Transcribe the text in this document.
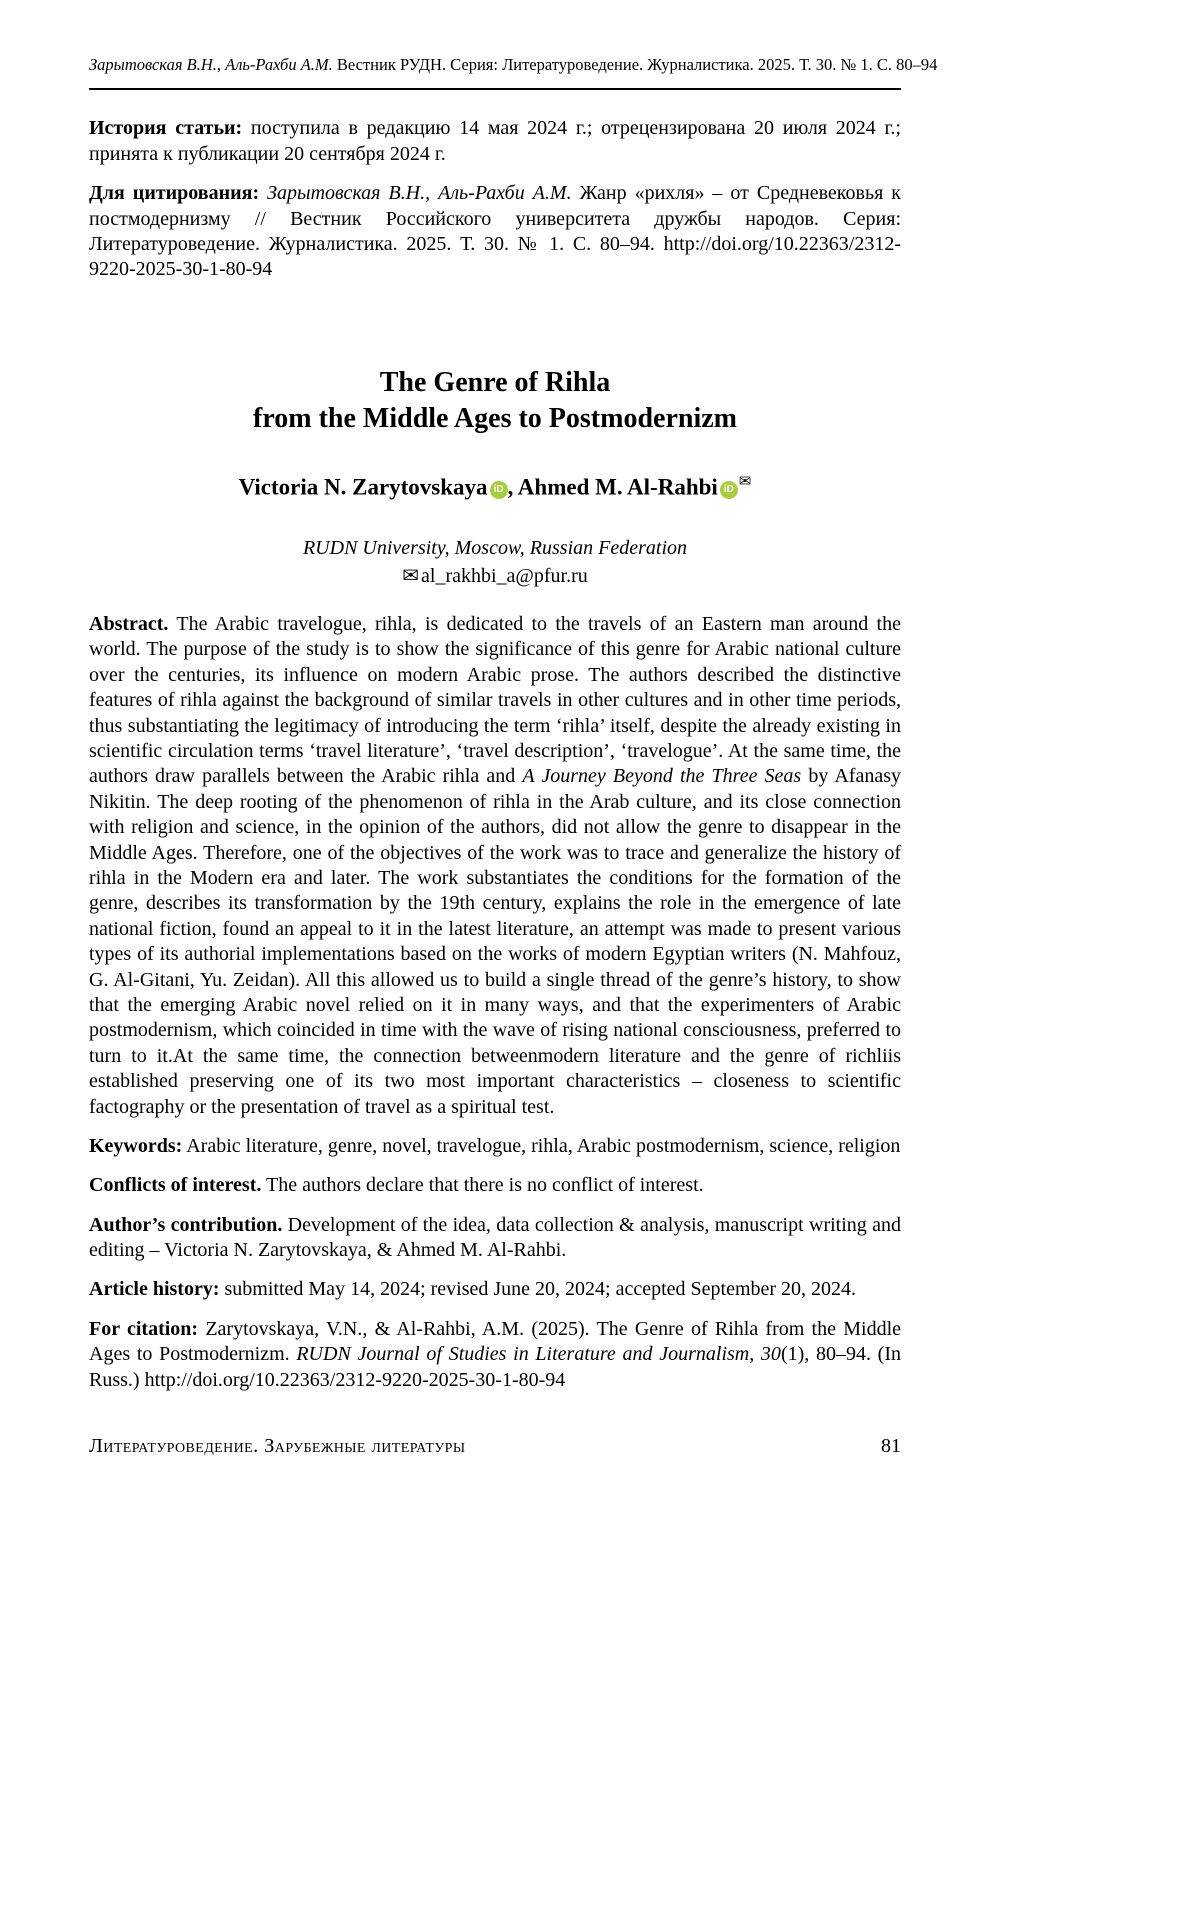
Зарытовская В.Н., Аль-Рахби А.М. Вестник РУДН. Серия: Литературоведение. Журналистика. 2025. Т. 30. № 1. С. 80–94

История статьи: поступила в редакцию 14 мая 2024 г.; отрецензирована 20 июля 2024 г.; принята к публикации 20 сентября 2024 г.

Для цитирования: Зарытовская В.Н., Аль-Рахби А.М. Жанр «рихля» – от Средневековья к постмодернизму // Вестник Российского университета дружбы народов. Серия: Литературоведение. Журналистика. 2025. Т. 30. № 1. С. 80–94. http://doi.org/10.22363/2312-9220-2025-30-1-80-94

The Genre of Rihla
from the Middle Ages to Postmodernizm

Victoria N. Zarytovskaya iD , Ahmed M. Al-Rahbi iD ✉

RUDN University, Moscow, Russian Federation

✉ al_rakhbi_a@pfur.ru

Abstract. The Arabic travelogue, rihla, is dedicated to the travels of an Eastern man around the world. The purpose of the study is to show the significance of this genre for Arabic national culture over the centuries, its influence on modern Arabic prose. The authors described the distinctive features of rihla against the background of similar travels in other cultures and in other time periods, thus substantiating the legitimacy of introducing the term ‘rihla’ itself, despite the already existing in scientific circulation terms ‘travel literature’, ‘travel description’, ‘travelogue’. At the same time, the authors draw parallels between the Arabic rihla and A Journey Beyond the Three Seas by Afanasy Nikitin. The deep rooting of the phenomenon of rihla in the Arab culture, and its close connection with religion and science, in the opinion of the authors, did not allow the genre to disappear in the Middle Ages. Therefore, one of the objectives of the work was to trace and generalize the history of rihla in the Modern era and later. The work substantiates the conditions for the formation of the genre, describes its transformation by the 19th century, explains the role in the emergence of late national fiction, found an appeal to it in the latest literature, an attempt was made to present various types of its authorial implementations based on the works of modern Egyptian writers (N. Mahfouz, G. Al-Gitani, Yu. Zeidan). All this allowed us to build a single thread of the genre’s history, to show that the emerging Arabic novel relied on it in many ways, and that the experimenters of Arabic postmodernism, which coincided in time with the wave of rising national consciousness, preferred to turn to it.At the same time, the connection betweenmodern literature and the genre of richliis established preserving one of its two most important characteristics – closeness to scientific factography or the presentation of travel as a spiritual test.

Keywords: Arabic literature, genre, novel, travelogue, rihla, Arabic postmodernism, science, religion

Conflicts of interest. The authors declare that there is no conflict of interest.

Author’s contribution. Development of the idea, data collection & analysis, manuscript writing and editing – Victoria N. Zarytovskaya, & Ahmed M. Al-Rahbi.

Article history: submitted May 14, 2024; revised June 20, 2024; accepted September 20, 2024.

For citation: Zarytovskaya, V.N., & Al-Rahbi, A.M. (2025). The Genre of Rihla from the Middle Ages to Postmodernizm. RUDN Journal of Studies in Literature and Journalism, 30(1), 80–94. (In Russ.) http://doi.org/10.22363/2312-9220-2025-30-1-80-94

Литературоведение. Зарубежные литературы	81
